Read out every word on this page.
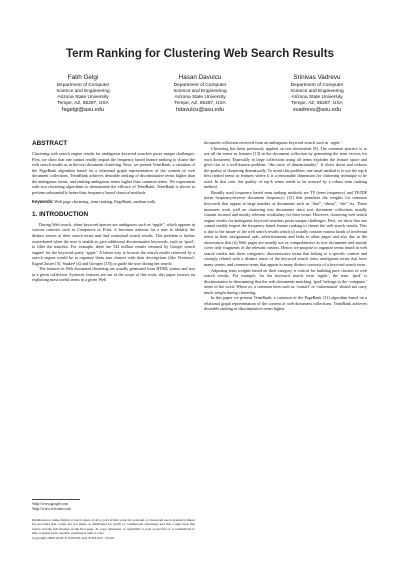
Term Ranking for Clustering Web Search Results
Fatih Gelgi
Department of Computer
Science and Engineering
Arizona State University
Tempe, AZ, 85287, USA
fagelgi@asu.edu
Hasan Davulcu
Department of Computer
Science and Engineering
Arizona State University
Tempe, AZ, 85287, USA
hdavulcu@asu.edu
Srinivas Vadrevu
Department of Computer
Science and Engineering
Arizona State University
Tempe, AZ, 85287, USA
svadrevu@asu.edu
ABSTRACT

Clustering web search engine results for ambiguous keyword searches poses unique challenges. First, we show that one cannot readily import the frequency based feature ranking to cluster the web search results as in the text document clustering. Next, we present TermRank, a variation of the PageRank algorithm based on a relational graph representation of the content of web document collections. TermRank achieves desirable ranking of discriminative terms higher than the ambiguous terms, and ranking ambiguous terms higher than common terms. We experiment with two clustering algorithms to demonstrate the efficacy of TermRank. TermRank is shown to perform substantially better than frequency based classical methods.

Keywords: Web page clustering, term ranking, PageRank, random walk.

1. INTRODUCTION

During Web search, when keyword queries are ambiguous such as “apple”, which appears in various contexts such as Computers or Fruit, it becomes arduous for a user to identify the distinct senses of their search terms and find contextual search results. This problem is further exacerbated when the user is unable to give additional discriminative keywords, such as ‘ipod’, to filter the matches. For example, there are 544 million results returned by Google search engine¹ for the keyword query ‘apple’. A better way to browse the search results retrieved by a search engine would be to organize them into clusters with their descriptions (like Vivísimo², KigenCluster [3], Snaket³ [4] and Grouper [15]) to guide the user during her search.

The features in Web document clustering are usually generated from HTML syntax and text in a given collection. Syntactic features are out of the scope of this work; this paper focuses on exploiting most useful terms in a given Web

¹http://www.google.com

²http://www.vivisimo.com

Permission to make digital or hard copies of all or part of this work for personal or classroom use is granted without fee provided that copies are not made or distributed for profit or commercial advantage and that copies bear this notice and the full citation on the first page. To copy otherwise, to republish, to post on servers or to redistribute to lists, requires prior specific permission and/or a fee.

Copyright 200X ACM X-XXXXX-XX-X/XX/XX ...$5.00.

document collection retrieved from an ambiguous keyword search such as ‘apple’.

Clustering has been previously applied on text documents [8]. The common practice is to use all the terms as features [13] in the document collection by generating the term vectors for each document. Especially in large collections using all terms explodes the feature space and gives rise to a well-known problem, “the curse of dimensionality”. It slows down and reduces the quality of clustering dramatically. To avoid this problem, one usual method is to use the top-k best ranked terms as features where k is a reasonable dimension for clustering technique to be used. In that case, the quality of top-k terms needs to be assured by a robust term ranking method.

Broadly used frequency based term ranking methods are TF (term frequency) and TF/IDF (term frequency/inverse document frequency) [13] that penalizes the weights for common keywords that appear in large number of documents such as “that”, “about”, “the” etc. These measures work well on clustering text documents since text document collections usually contain focused and mostly relevant vocabulary for their terms. However, clustering web search engine results for ambiguous keyword searches poses unique challenges. First, we show that one cannot readily import the frequency based feature ranking to cluster the web search results. This is due to the nature of the web search results which (i) usually contain various kinds of irrelevant terms in their navigational aids, advertisements and links to other pages and also due to the observation that (ii) Web pages are usually not as comprehensive as text documents and mostly cover only fragments of the relevant context. Hence, we propose to organize terms found in web search results into three categories: discriminative terms that belong to a specific context and strongly related with a distinct sense of the keyword search term, ambiguous terms that have many senses, and common terms that appear in many distinct contexts of a keyword search term.

Adjusting term weights based on their category is critical for building pure clusters of web search results. For example, for the keyword search term ‘apple’, the term ‘ipod’ is discriminative in determining that the web documents matching ‘ipod’ belongs to the ‘computer’ sense of the word. Where as, a common term such as ‘contact’ or ‘information’ should not carry much weight during clustering.

In this paper we present TermRank, a variation of the PageRank [11] algorithm based on a relational graph representation of the content of web document collections. TermRank achieves desirable ranking of discriminative terms higher
